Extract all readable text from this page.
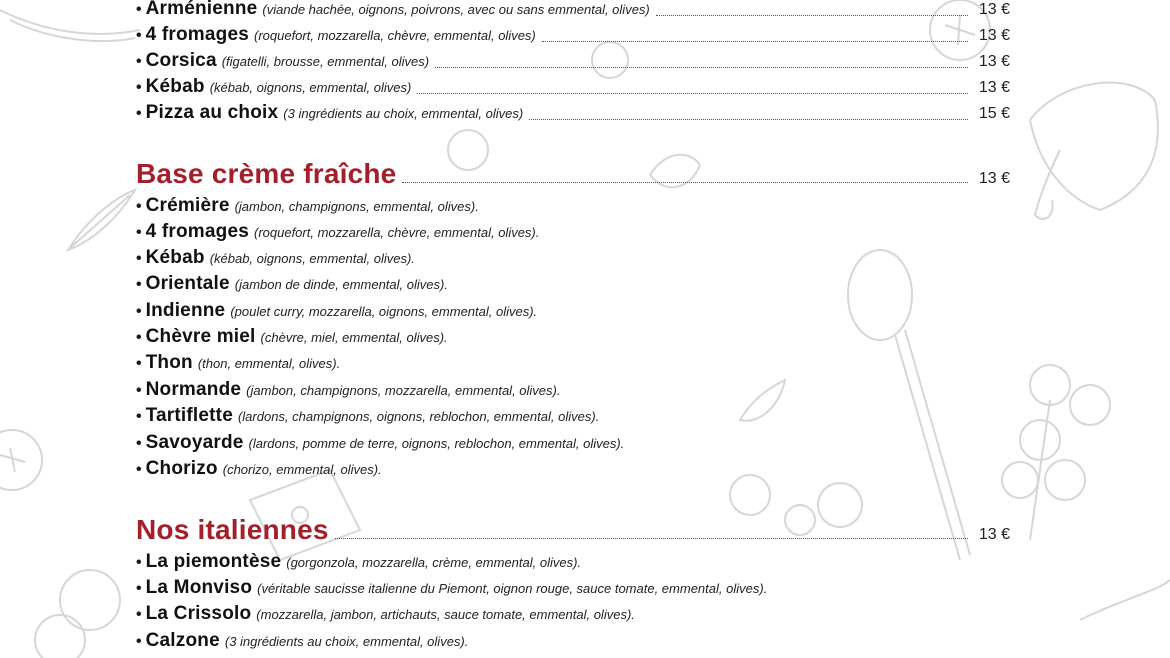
• Arménienne (viande hachée, oignons, poivrons, avec ou sans emmental, olives)	13 €
• 4 fromages (roquefort, mozzarella, chèvre, emmental, olives)	13 €
• Corsica (figatelli, brousse, emmental, olives)	13 €
• Kébab (kébab, oignons, emmental, olives)	13 €
• Pizza au choix (3 ingrédients au choix, emmental, olives)	15 €
Base crème fraîche	13 €
• Crémière (jambon, champignons, emmental, olives).
• 4 fromages (roquefort, mozzarella, chèvre, emmental, olives).
• Kébab (kébab, oignons, emmental, olives).
• Orientale (jambon de dinde, emmental, olives).
• Indienne (poulet curry, mozzarella, oignons, emmental, olives).
• Chèvre miel (chèvre, miel, emmental, olives).
• Thon (thon, emmental, olives).
• Normande (jambon, champignons, mozzarella, emmental, olives).
• Tartiflette (lardons, champignons, oignons, reblochon, emmental, olives).
• Savoyarde (lardons, pomme de terre, oignons, reblochon, emmental, olives).
• Chorizo (chorizo, emmental, olives).
Nos italiennes	13 €
• La piemontèse (gorgonzola, mozzarella, crème, emmental, olives).
• La Monviso (véritable saucisse italienne du Piemont, oignon rouge, sauce tomate, emmental, olives).
• La Crissolo (mozzarella, jambon, artichauts, sauce tomate, emmental, olives).
• Calzone (3 ingrédients au choix, emmental, olives).
